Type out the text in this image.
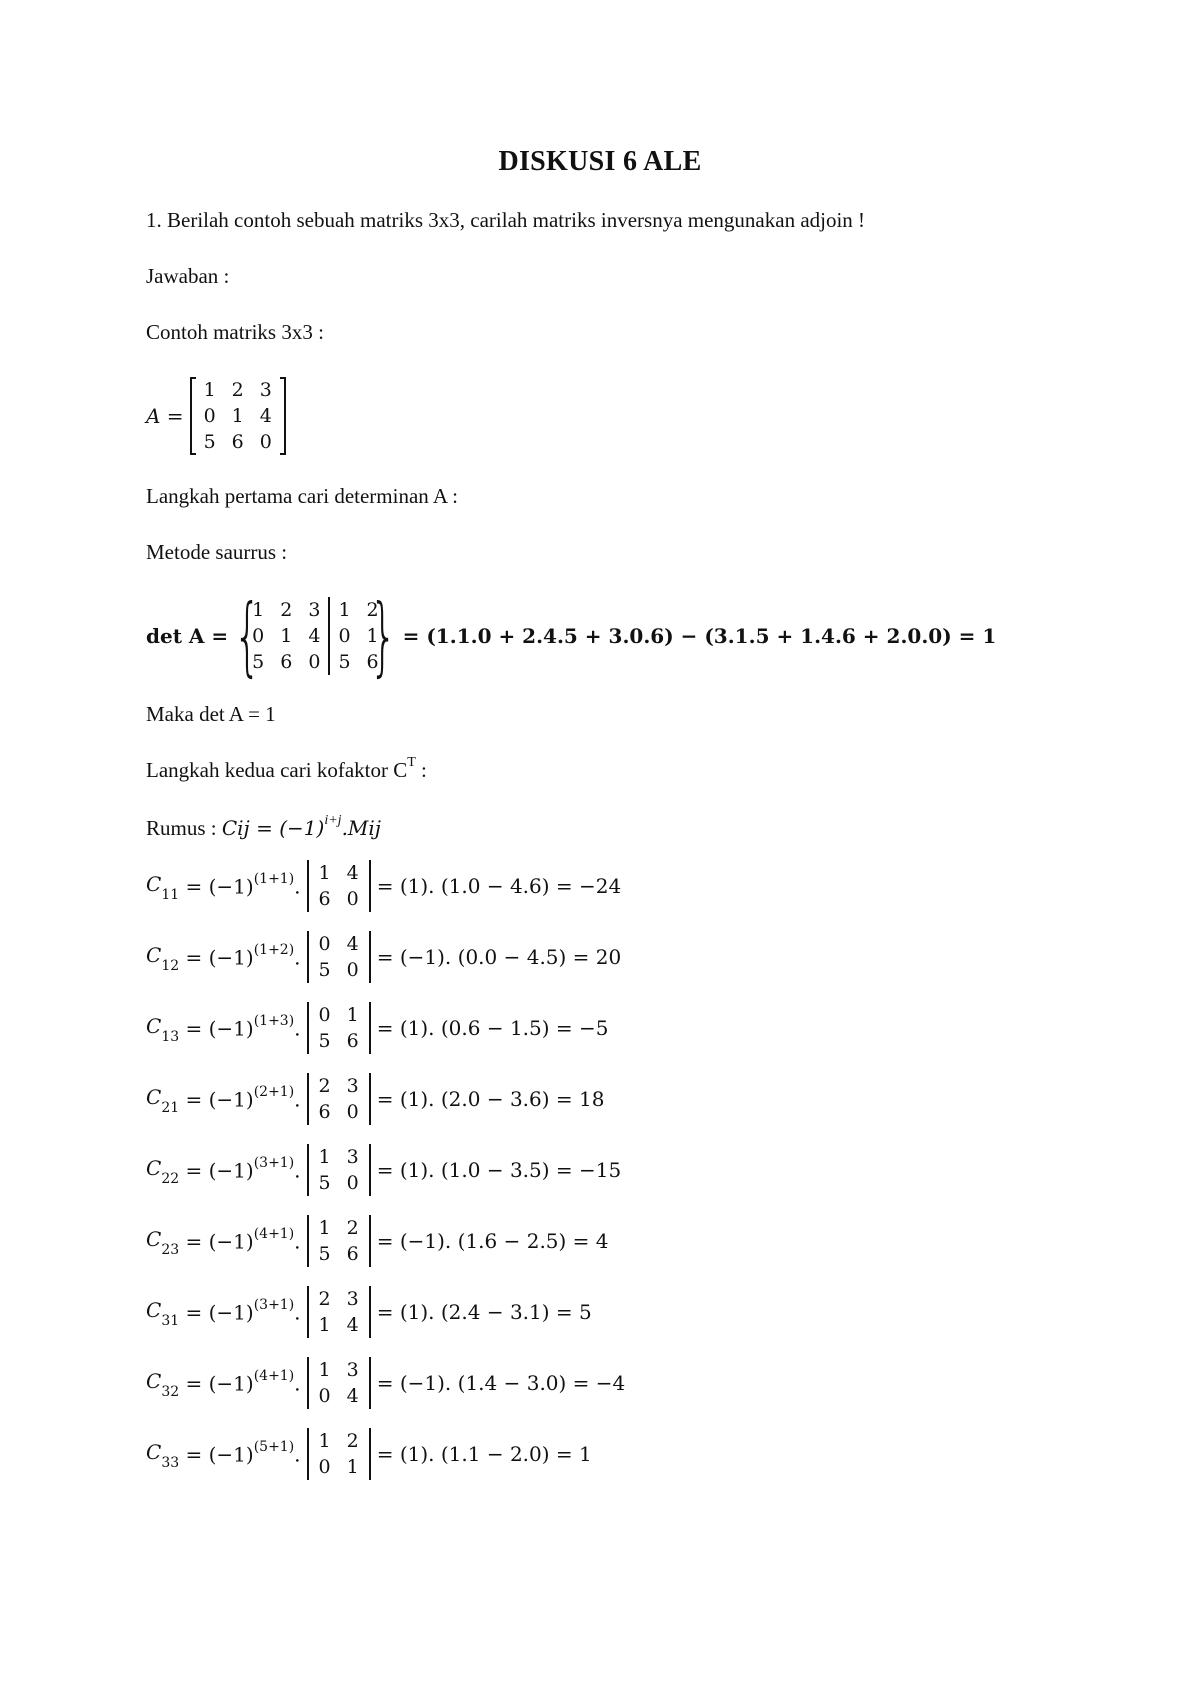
DISKUSI 6 ALE
1. Berilah contoh sebuah matriks 3x3, carilah matriks inversnya mengunakan adjoin !
Jawaban :
Contoh matriks 3x3 :
A =
1 2 3
0 1 4
5 6 0
Langkah pertama cari determinan A :
Metode saurrus :
det A =
{ 1 2 3 1 2
0 1 4 0 1
5 6 0 5 6
}
= (1.1.0 + 2.4.5 + 3.0.6) − (3.1.5 + 1.4.6 + 2.0.0) = 1
Maka det A = 1
Langkah kedua cari kofaktor $C^T$ :
Rumus : Cij = $(-1)^{i+j}.Mij$
$C_{11} = (-1)^{(1+1)}$.
1 4
6 0
= (1). (1.0 − 4.6) = −24
$C_{12} = (-1)^{(1+2)}$.
0 4
5 0
= (−1). (0.0 − 4.5) = 20
$C_{13} = (-1)^{(1+3)}$.
0 1
5 6
= (1). (0.6 − 1.5) = −5
$C_{21} = (-1)^{(2+1)}$.
2 3
6 0
= (1). (2.0 − 3.6) = 18
$C_{22} = (-1)^{(3+1)}$.
1 3
5 0
= (1). (1.0 − 3.5) = −15
$C_{23} = (-1)^{(4+1)}$.
1 2
5 6
= (−1). (1.6 − 2.5) = 4
$C_{31} = (-1)^{(3+1)}$.
2 3
1 4
= (1). (2.4 − 3.1) = 5
$C_{32} = (-1)^{(4+1)}$.
1 3
0 4
= (−1). (1.4 − 3.0) = −4
$C_{33} = (-1)^{(5+1)}$.
1 2
0 1
= (1). (1.1 − 2.0) = 1
